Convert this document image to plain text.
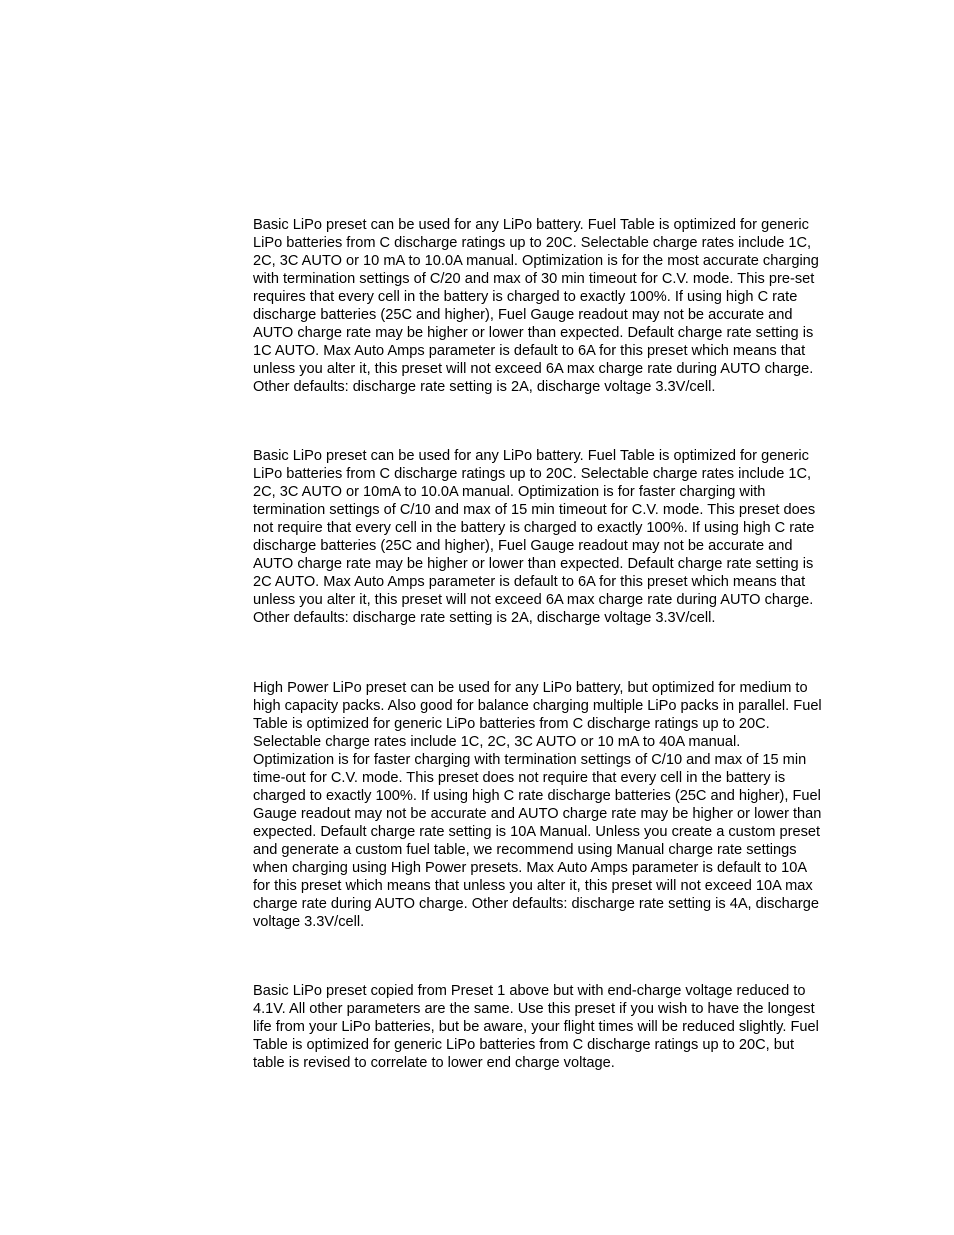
Basic LiPo preset can be used for any LiPo battery. Fuel Table is optimized for generic
LiPo batteries from C discharge ratings up to 20C. Selectable charge rates include 1C,
2C, 3C AUTO or 10 mA to 10.0A manual. Optimization is for the most accurate charging
with termination settings of C/20 and max of 30 min timeout for C.V. mode. This pre-set
requires that every cell in the battery is charged to exactly 100%. If using high C rate
discharge batteries (25C and higher), Fuel Gauge readout may not be accurate and
AUTO charge rate may be higher or lower than expected. Default charge rate setting is
1C AUTO. Max Auto Amps parameter is default to 6A for this preset which means that
unless you alter it, this preset will not exceed 6A max charge rate during AUTO charge.
Other defaults: discharge rate setting is 2A, discharge voltage 3.3V/cell.

Basic LiPo preset can be used for any LiPo battery. Fuel Table is optimized for generic
LiPo batteries from C discharge ratings up to 20C. Selectable charge rates include 1C,
2C, 3C AUTO or 10mA to 10.0A manual. Optimization is for faster charging with
termination settings of C/10 and max of 15 min timeout for C.V. mode. This preset does
not require that every cell in the battery is charged to exactly 100%. If using high C rate
discharge batteries (25C and higher), Fuel Gauge readout may not be accurate and
AUTO charge rate may be higher or lower than expected. Default charge rate setting is
2C AUTO. Max Auto Amps parameter is default to 6A for this preset which means that
unless you alter it, this preset will not exceed 6A max charge rate during AUTO charge.
Other defaults: discharge rate setting is 2A, discharge voltage 3.3V/cell.

High Power LiPo preset can be used for any LiPo battery, but optimized for medium to
high capacity packs. Also good for balance charging multiple LiPo packs in parallel. Fuel
Table is optimized for generic LiPo batteries from C discharge ratings up to 20C.
Selectable charge rates include 1C, 2C, 3C AUTO or 10 mA to 40A manual.
Optimization is for faster charging with termination settings of C/10 and max of 15 min
time-out for C.V. mode. This preset does not require that every cell in the battery is
charged to exactly 100%. If using high C rate discharge batteries (25C and higher), Fuel
Gauge readout may not be accurate and AUTO charge rate may be higher or lower than
expected. Default charge rate setting is 10A Manual. Unless you create a custom preset
and generate a custom fuel table, we recommend using Manual charge rate settings
when charging using High Power presets. Max Auto Amps parameter is default to 10A
for this preset which means that unless you alter it, this preset will not exceed 10A max
charge rate during AUTO charge. Other defaults: discharge rate setting is 4A, discharge
voltage 3.3V/cell.

Basic LiPo preset copied from Preset 1 above but with end-charge voltage reduced to
4.1V. All other parameters are the same. Use this preset if you wish to have the longest
life from your LiPo batteries, but be aware, your flight times will be reduced slightly. Fuel
Table is optimized for generic LiPo batteries from C discharge ratings up to 20C, but
table is revised to correlate to lower end charge voltage.
